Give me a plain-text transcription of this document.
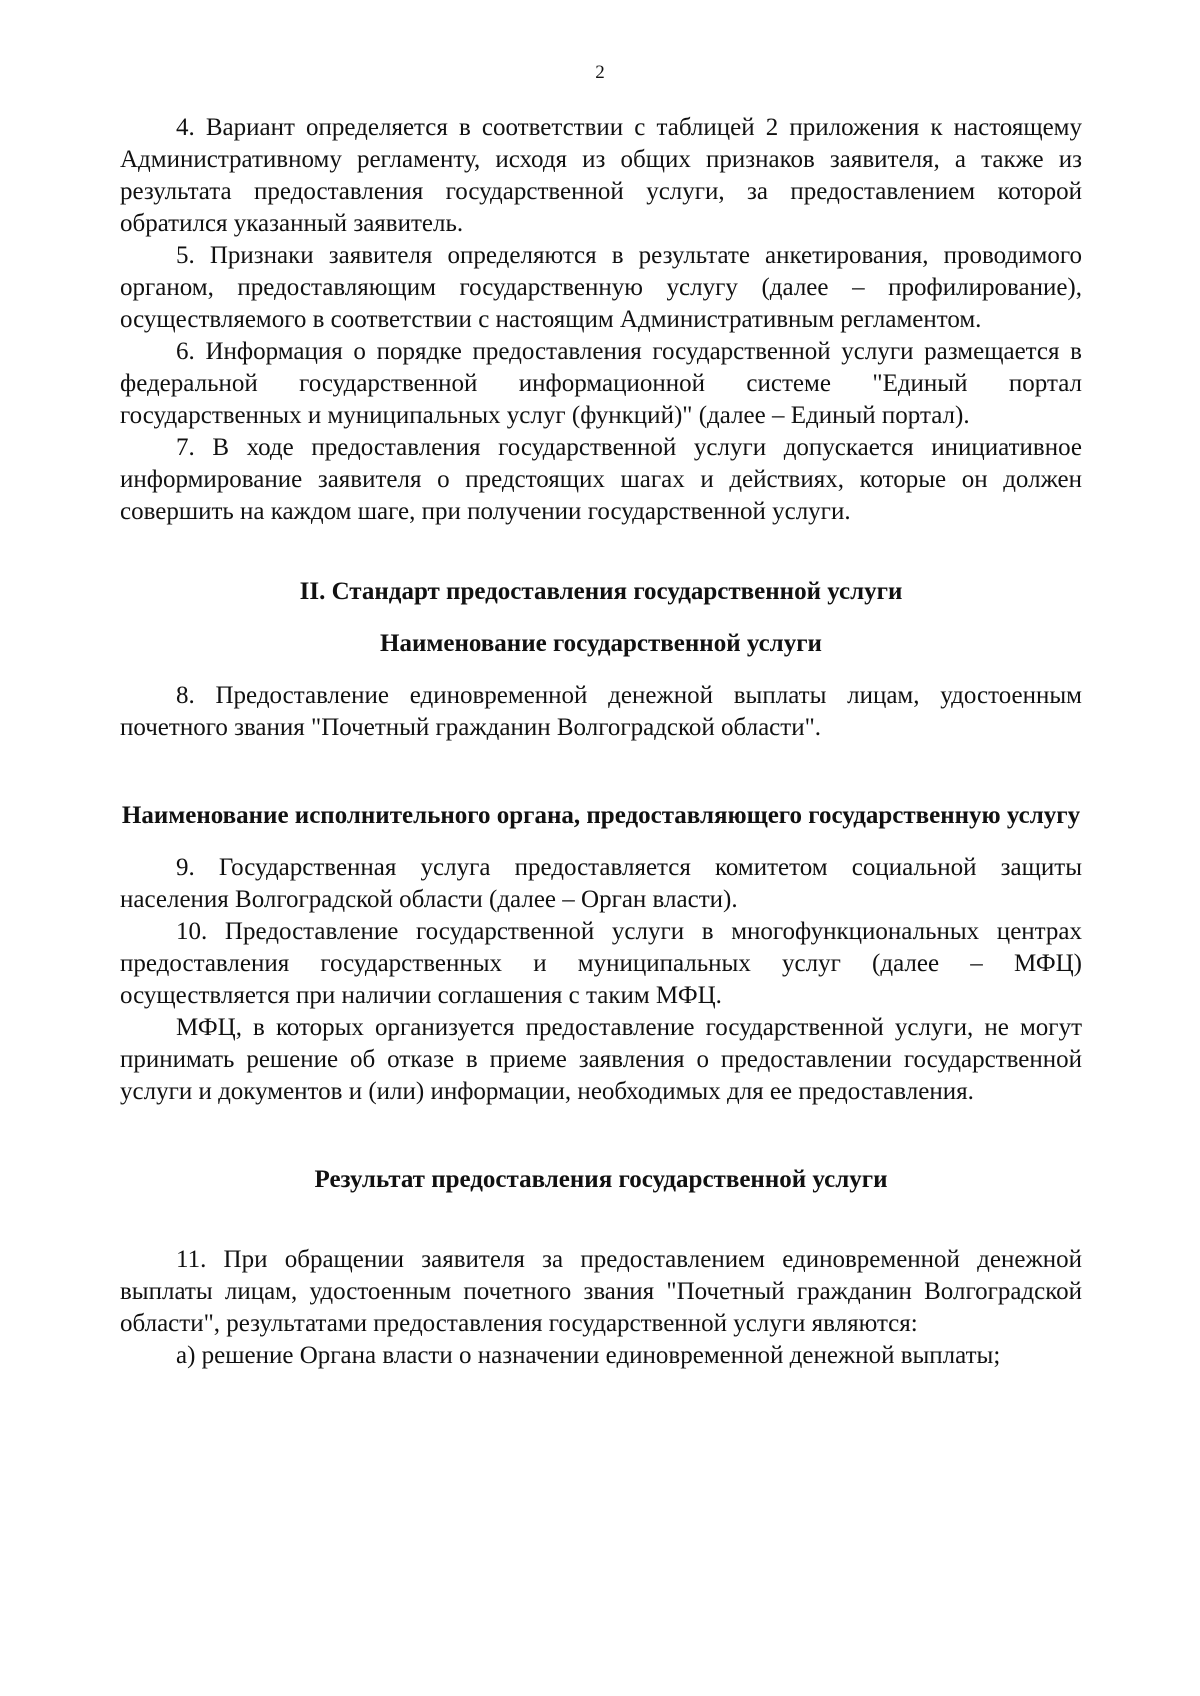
2

4. Вариант определяется в соответствии с таблицей 2 приложения к настоящему Административному регламенту, исходя из общих признаков заявителя, а также из результата предоставления государственной услуги, за предоставлением которой обратился указанный заявитель.

5. Признаки заявителя определяются в результате анкетирования, проводимого органом, предоставляющим государственную услугу (далее – профилирование), осуществляемого в соответствии с настоящим Административным регламентом.

6. Информация о порядке предоставления государственной услуги размещается в федеральной государственной информационной системе "Единый портал государственных и муниципальных услуг (функций)" (далее – Единый портал).

7. В ходе предоставления государственной услуги допускается инициативное информирование заявителя о предстоящих шагах и действиях, которые он должен совершить на каждом шаге, при получении государственной услуги.

II. Стандарт предоставления государственной услуги
Наименование государственной услуги

8. Предоставление единовременной денежной выплаты лицам, удостоенным почетного звания "Почетный гражданин Волгоградской области".

Наименование исполнительного органа, предоставляющего государственную услугу

9. Государственная услуга предоставляется комитетом социальной защиты населения Волгоградской области (далее – Орган власти).

10. Предоставление государственной услуги в многофункциональных центрах предоставления государственных и муниципальных услуг (далее – МФЦ) осуществляется при наличии соглашения с таким МФЦ.

МФЦ, в которых организуется предоставление государственной услуги, не могут принимать решение об отказе в приеме заявления о предоставлении государственной услуги и документов и (или) информации, необходимых для ее предоставления.

Результат предоставления государственной услуги

11. При обращении заявителя за предоставлением единовременной денежной выплаты лицам, удостоенным почетного звания "Почетный гражданин Волгоградской области", результатами предоставления государственной услуги являются:

а) решение Органа власти о назначении единовременной денежной выплаты;
